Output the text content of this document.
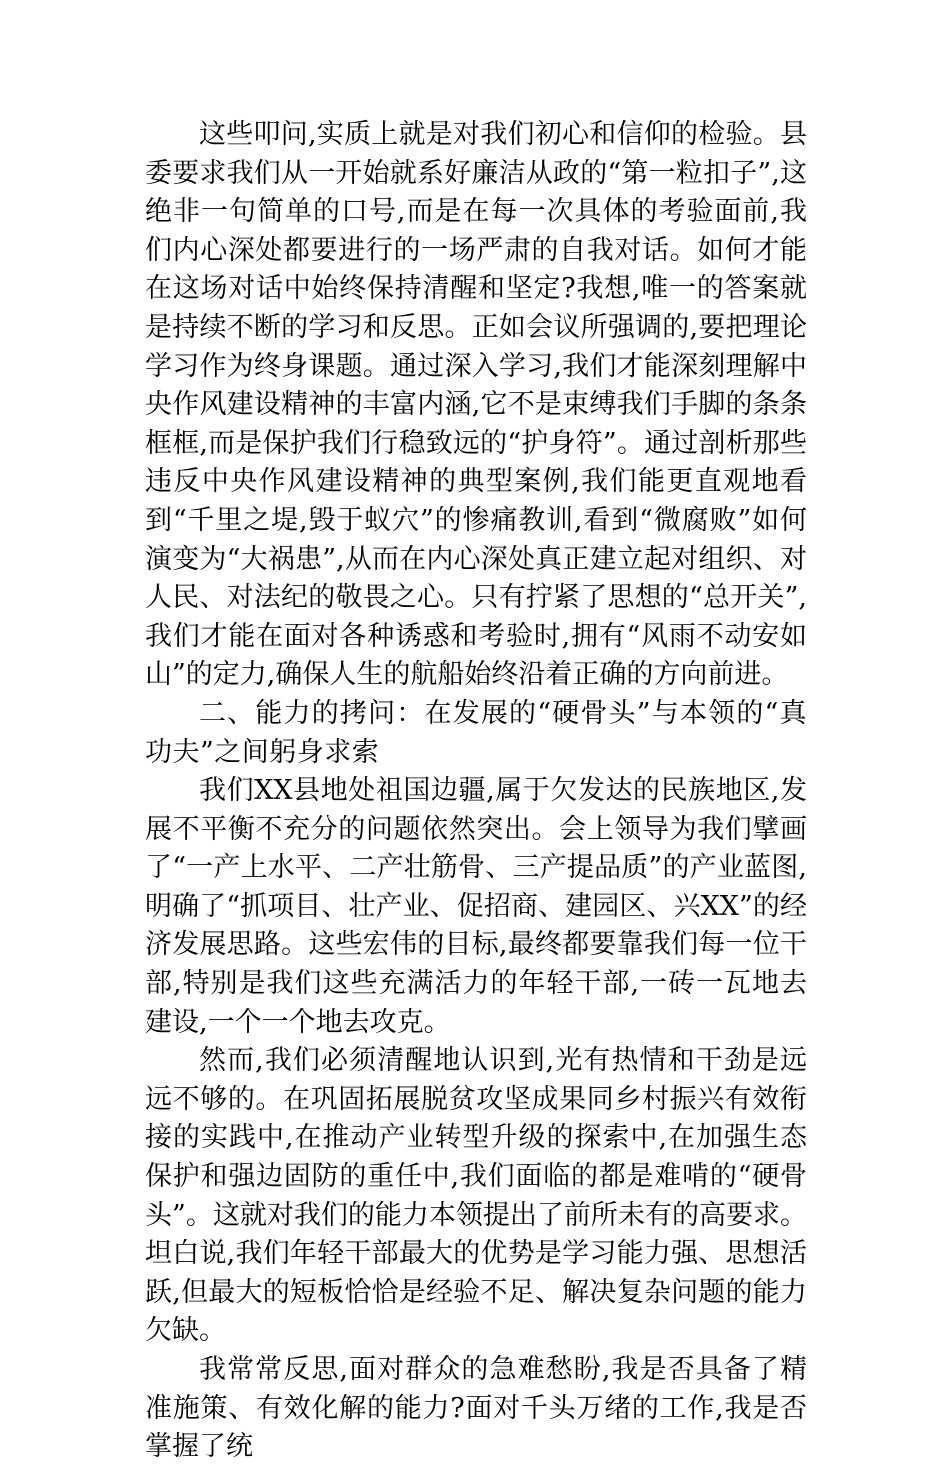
这些叩问,实质上就是对我们初心和信仰的检验。县委要求我们从一开始就系好廉洁从政的“第一粒扣子”,这绝非一句简单的口号,而是在每一次具体的考验面前,我们内心深处都要进行的一场严肃的自我对话。如何才能在这场对话中始终保持清醒和坚定?我想,唯一的答案就是持续不断的学习和反思。正如会议所强调的,要把理论学习作为终身课题。通过深入学习,我们才能深刻理解中央作风建设精神的丰富内涵,它不是束缚我们手脚的条条框框,而是保护我们行稳致远的“护身符”。通过剖析那些违反中央作风建设精神的典型案例,我们能更直观地看到“千里之堤,毁于蚁穴”的惨痛教训,看到“微腐败”如何演变为“大祸患”,从而在内心深处真正建立起对组织、对人民、对法纪的敬畏之心。只有拧紧了思想的“总开关”,我们才能在面对各种诱惑和考验时,拥有“风雨不动安如山”的定力,确保人生的航船始终沿着正确的方向前进。

二、能力的拷问：在发展的“硬骨头”与本领的“真功夫”之间躬身求索

我们XX县地处祖国边疆,属于欠发达的民族地区,发展不平衡不充分的问题依然突出。会上领导为我们擘画了“一产上水平、二产壮筋骨、三产提品质”的产业蓝图,明确了“抓项目、壮产业、促招商、建园区、兴XX”的经济发展思路。这些宏伟的目标,最终都要靠我们每一位干部,特别是我们这些充满活力的年轻干部,一砖一瓦地去建设,一个一个地去攻克。

然而,我们必须清醒地认识到,光有热情和干劲是远远不够的。在巩固拓展脱贫攻坚成果同乡村振兴有效衔接的实践中,在推动产业转型升级的探索中,在加强生态保护和强边固防的重任中,我们面临的都是难啃的“硬骨头”。这就对我们的能力本领提出了前所未有的高要求。坦白说,我们年轻干部最大的优势是学习能力强、思想活跃,但最大的短板恰恰是经验不足、解决复杂问题的能力欠缺。

我常常反思,面对群众的急难愁盼,我是否具备了精准施策、有效化解的能力?面对千头万绪的工作,我是否掌握了统
